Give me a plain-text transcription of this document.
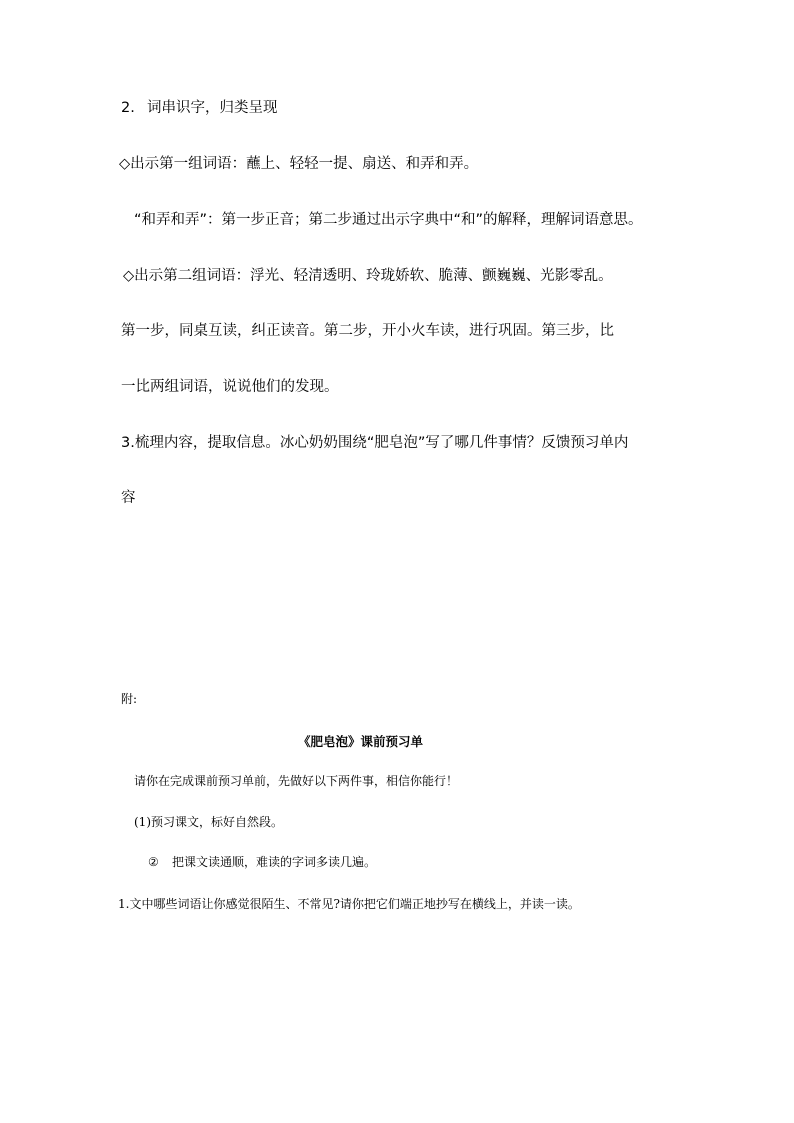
2. 词串识字，归类呈现
◇出示第一组词语：蘸上、轻轻一提、扇送、和弄和弄。
“和弄和弄”：第一步正音；第二步通过出示字典中“和”的解释，理解词语意思。
◇出示第二组词语：浮光、轻清透明、玲珑娇软、脆薄、颤巍巍、光影零乱。
第一步，同桌互读，纠正读音。第二步，开小火车读，进行巩固。第三步，比
一比两组词语，说说他们的发现。
3.梳理内容，提取信息。冰心奶奶围绕“肥皂泡”写了哪几件事情？反馈预习单内
容
附:
《肥皂泡》课前预习单
请你在完成课前预习单前，先做好以下两件事，相信你能行！
(1)预习课文，标好自然段。
② 把课文读通顺，难读的字词多读几遍。
1.文中哪些词语让你感觉很陌生、不常见?请你把它们端正地抄写在横线上，并读一读。
